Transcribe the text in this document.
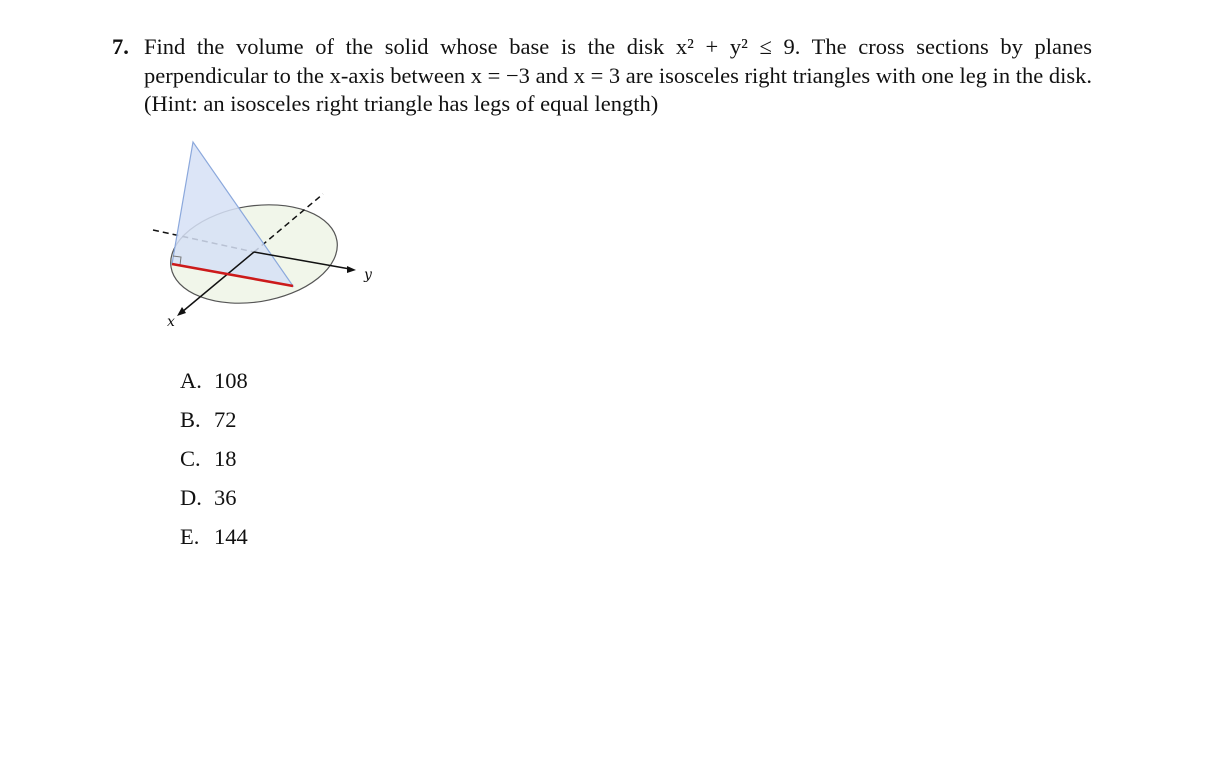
7. Find the volume of the solid whose base is the disk x² + y² ≤ 9. The cross sections by planes perpendicular to the x-axis between x = −3 and x = 3 are isosceles right triangles with one leg in the disk. (Hint: an isosceles right triangle has legs of equal length)
y
x
A. 108
B. 72
C. 18
D. 36
E. 144
